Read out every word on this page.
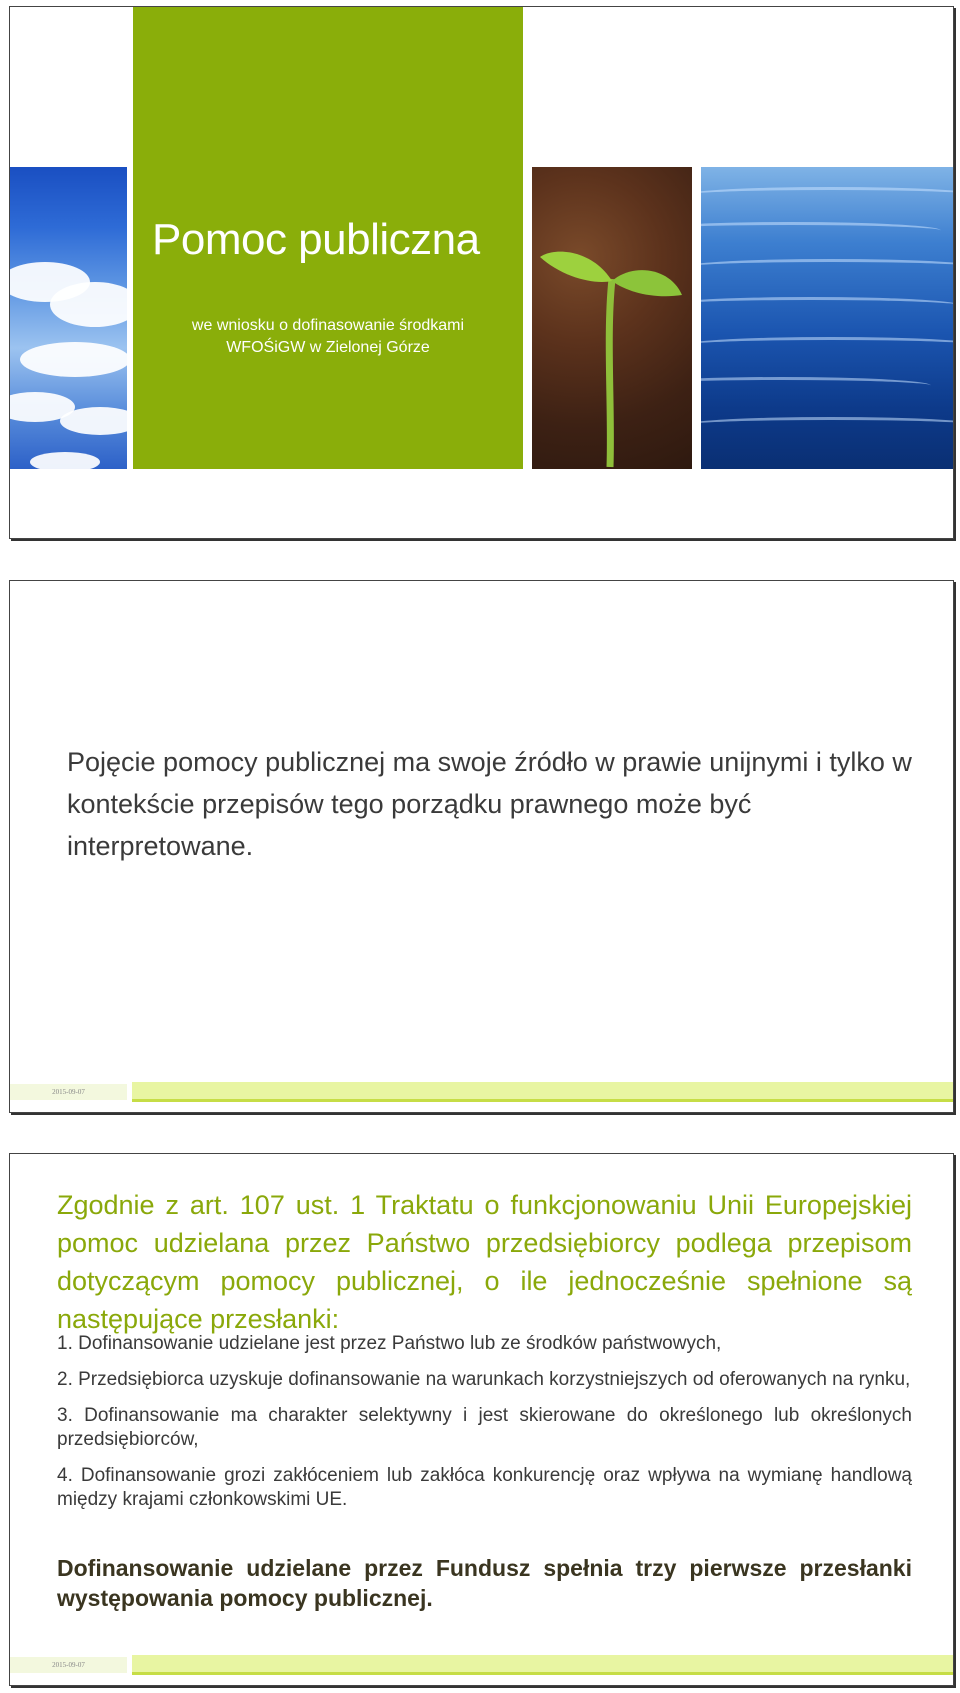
Pomoc publiczna
we wniosku o dofinasowanie środkami
WFOŚiGW w Zielonej Górze
Pojęcie pomocy publicznej ma swoje źródło w prawie unijnymi i tylko w
kontekście przepisów tego porządku prawnego może być interpretowane.
2015-09-07
Zgodnie z art. 107 ust. 1 Traktatu o funkcjonowaniu Unii Europejskiej pomoc udzielana przez Państwo przedsiębiorcy podlega przepisom dotyczącym pomocy publicznej, o ile jednocześnie spełnione są następujące przesłanki:
1. Dofinansowanie udzielane jest przez Państwo lub ze środków państwowych,
2. Przedsiębiorca uzyskuje dofinansowanie na warunkach korzystniejszych od oferowanych na rynku,
3. Dofinansowanie ma charakter selektywny i jest skierowane do określonego lub określonych przedsiębiorców,
4. Dofinansowanie grozi zakłóceniem lub zakłóca konkurencję oraz wpływa na wymianę handlową między krajami członkowskimi UE.
Dofinansowanie udzielane przez Fundusz spełnia trzy pierwsze przesłanki występowania pomocy publicznej.
2015-09-07
